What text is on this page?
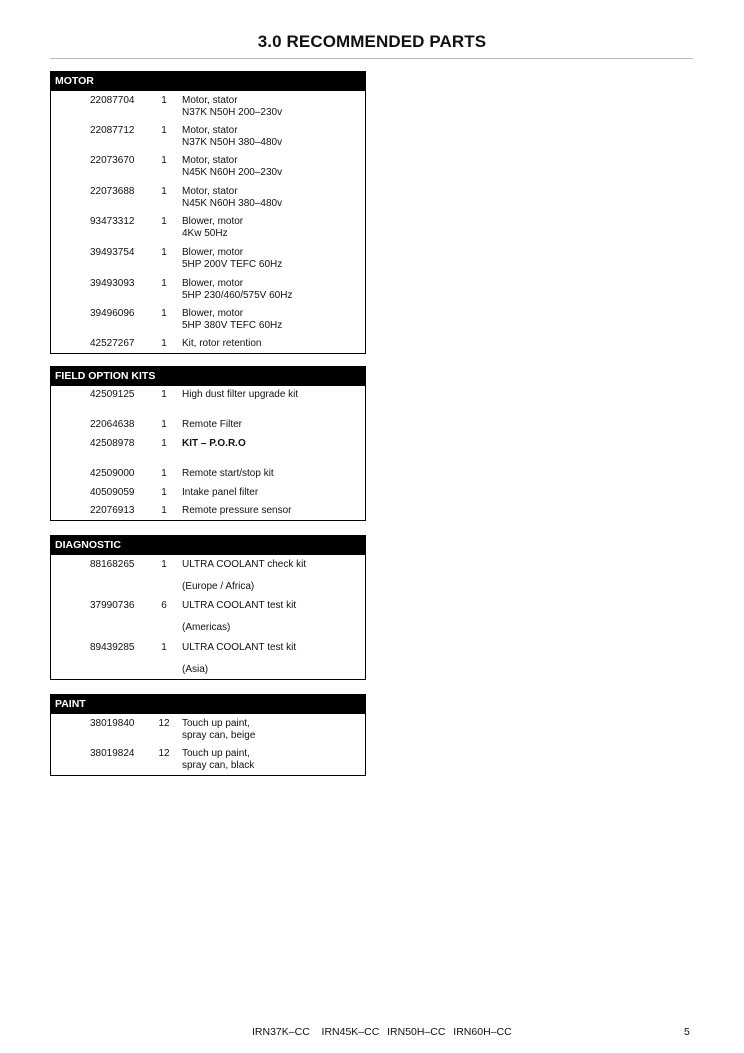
3.0 RECOMMENDED PARTS
MOTOR
22087704	1	Motor, stator
N37K N50H 200–230v
22087712	1	Motor, stator
N37K N50H 380–480v
22073670	1	Motor, stator
N45K N60H 200–230v
22073688	1	Motor, stator
N45K N60H 380–480v
93473312	1	Blower, motor
4Kw 50Hz
39493754	1	Blower, motor
5HP 200V TEFC 60Hz
39493093	1	Blower, motor
5HP 230/460/575V 60Hz
39496096	1	Blower, motor
5HP 380V TEFC 60Hz
42527267	1	Kit, rotor retention
FIELD OPTION KITS
42509125	1	High dust filter upgrade kit
22064638	1	Remote Filter
42508978	1	KIT – P.O.R.O
42509000	1	Remote start/stop kit
40509059	1	Intake panel filter
22076913	1	Remote pressure sensor
DIAGNOSTIC
88168265	1	ULTRA COOLANT check kit
(Europe / Africa)
37990736	6	ULTRA COOLANT test kit
(Americas)
89439285	1	ULTRA COOLANT test kit
(Asia)
PAINT
38019840	12	Touch up paint,
spray can, beige
38019824	12	Touch up paint,
spray can, black
IRN37K–CC   IRN45K–CC  IRN50H–CC  IRN60H–CC	5
